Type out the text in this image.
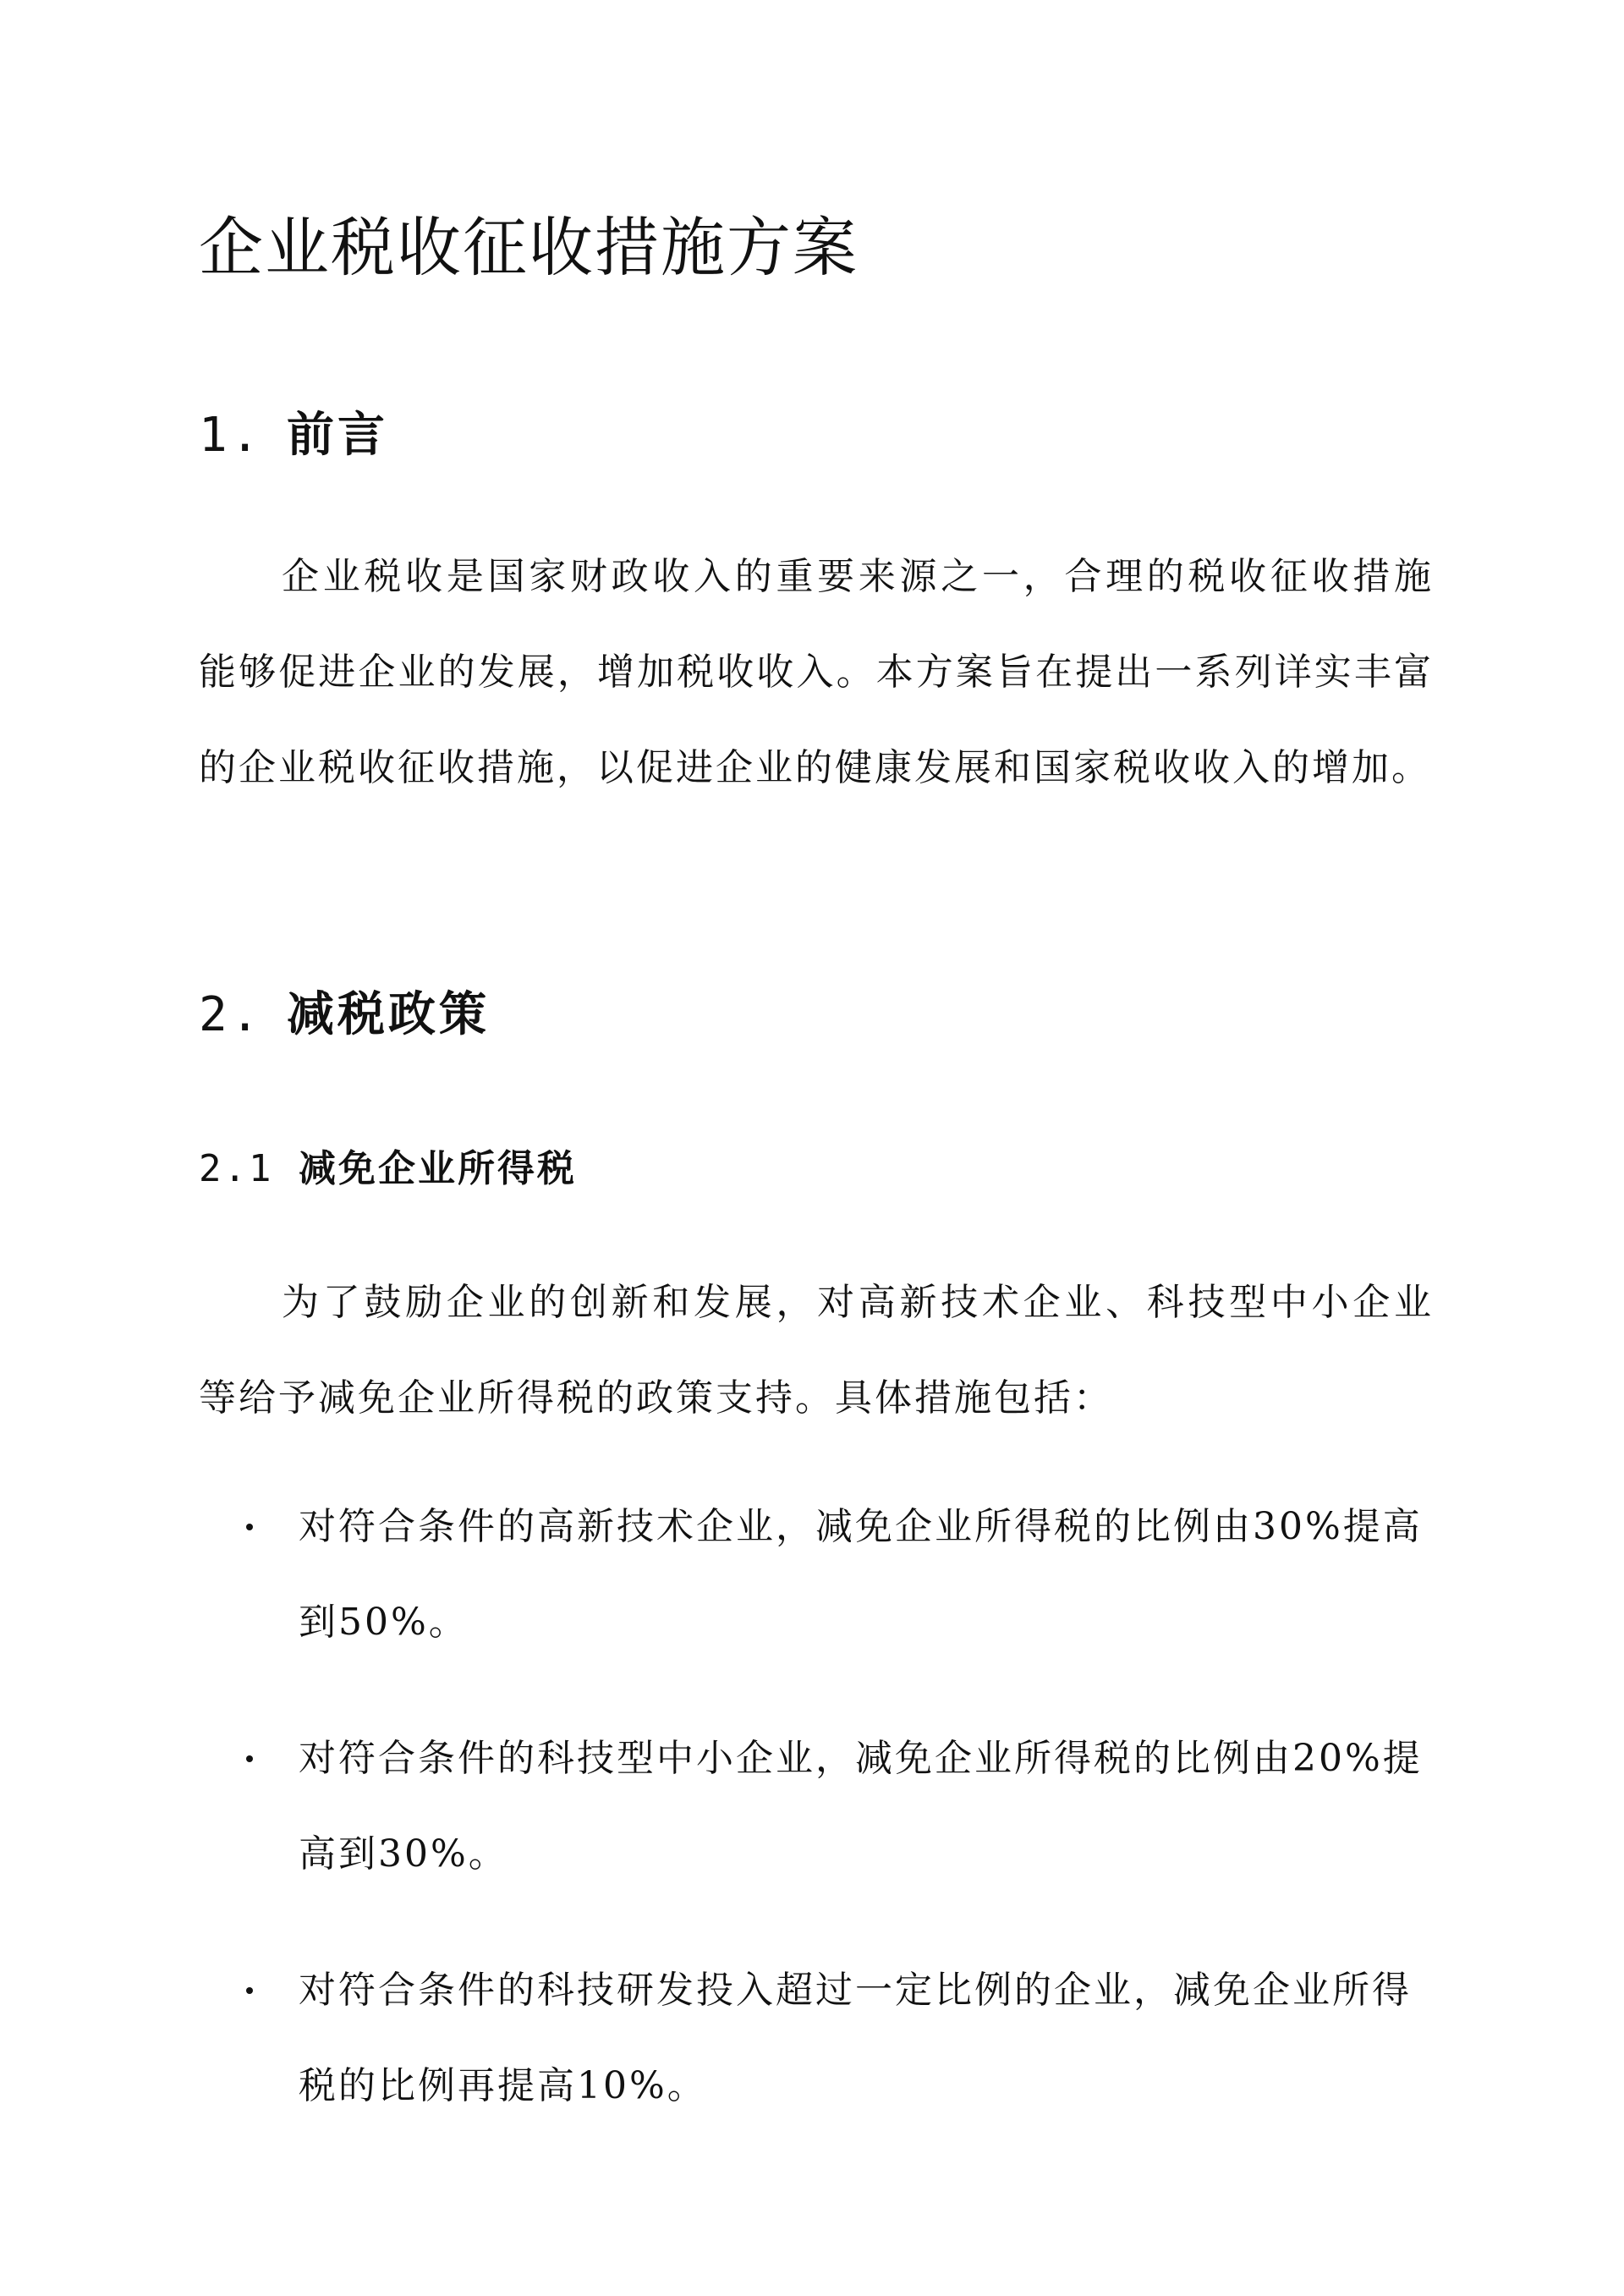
企业税收征收措施方案
1. 前言

企业税收是国家财政收入的重要来源之一，合理的税收征收措施能够促进企业的发展，增加税收收入。本方案旨在提出一系列详实丰富的企业税收征收措施，以促进企业的健康发展和国家税收收入的增加。

2. 减税政策
2.1 减免企业所得税

为了鼓励企业的创新和发展，对高新技术企业、科技型中小企业等给予减免企业所得税的政策支持。具体措施包括：

对符合条件的高新技术企业，减免企业所得税的比例由30%提高到50%。
对符合条件的科技型中小企业，减免企业所得税的比例由20%提高到30%。
对符合条件的科技研发投入超过一定比例的企业，减免企业所得税的比例再提高10%。
